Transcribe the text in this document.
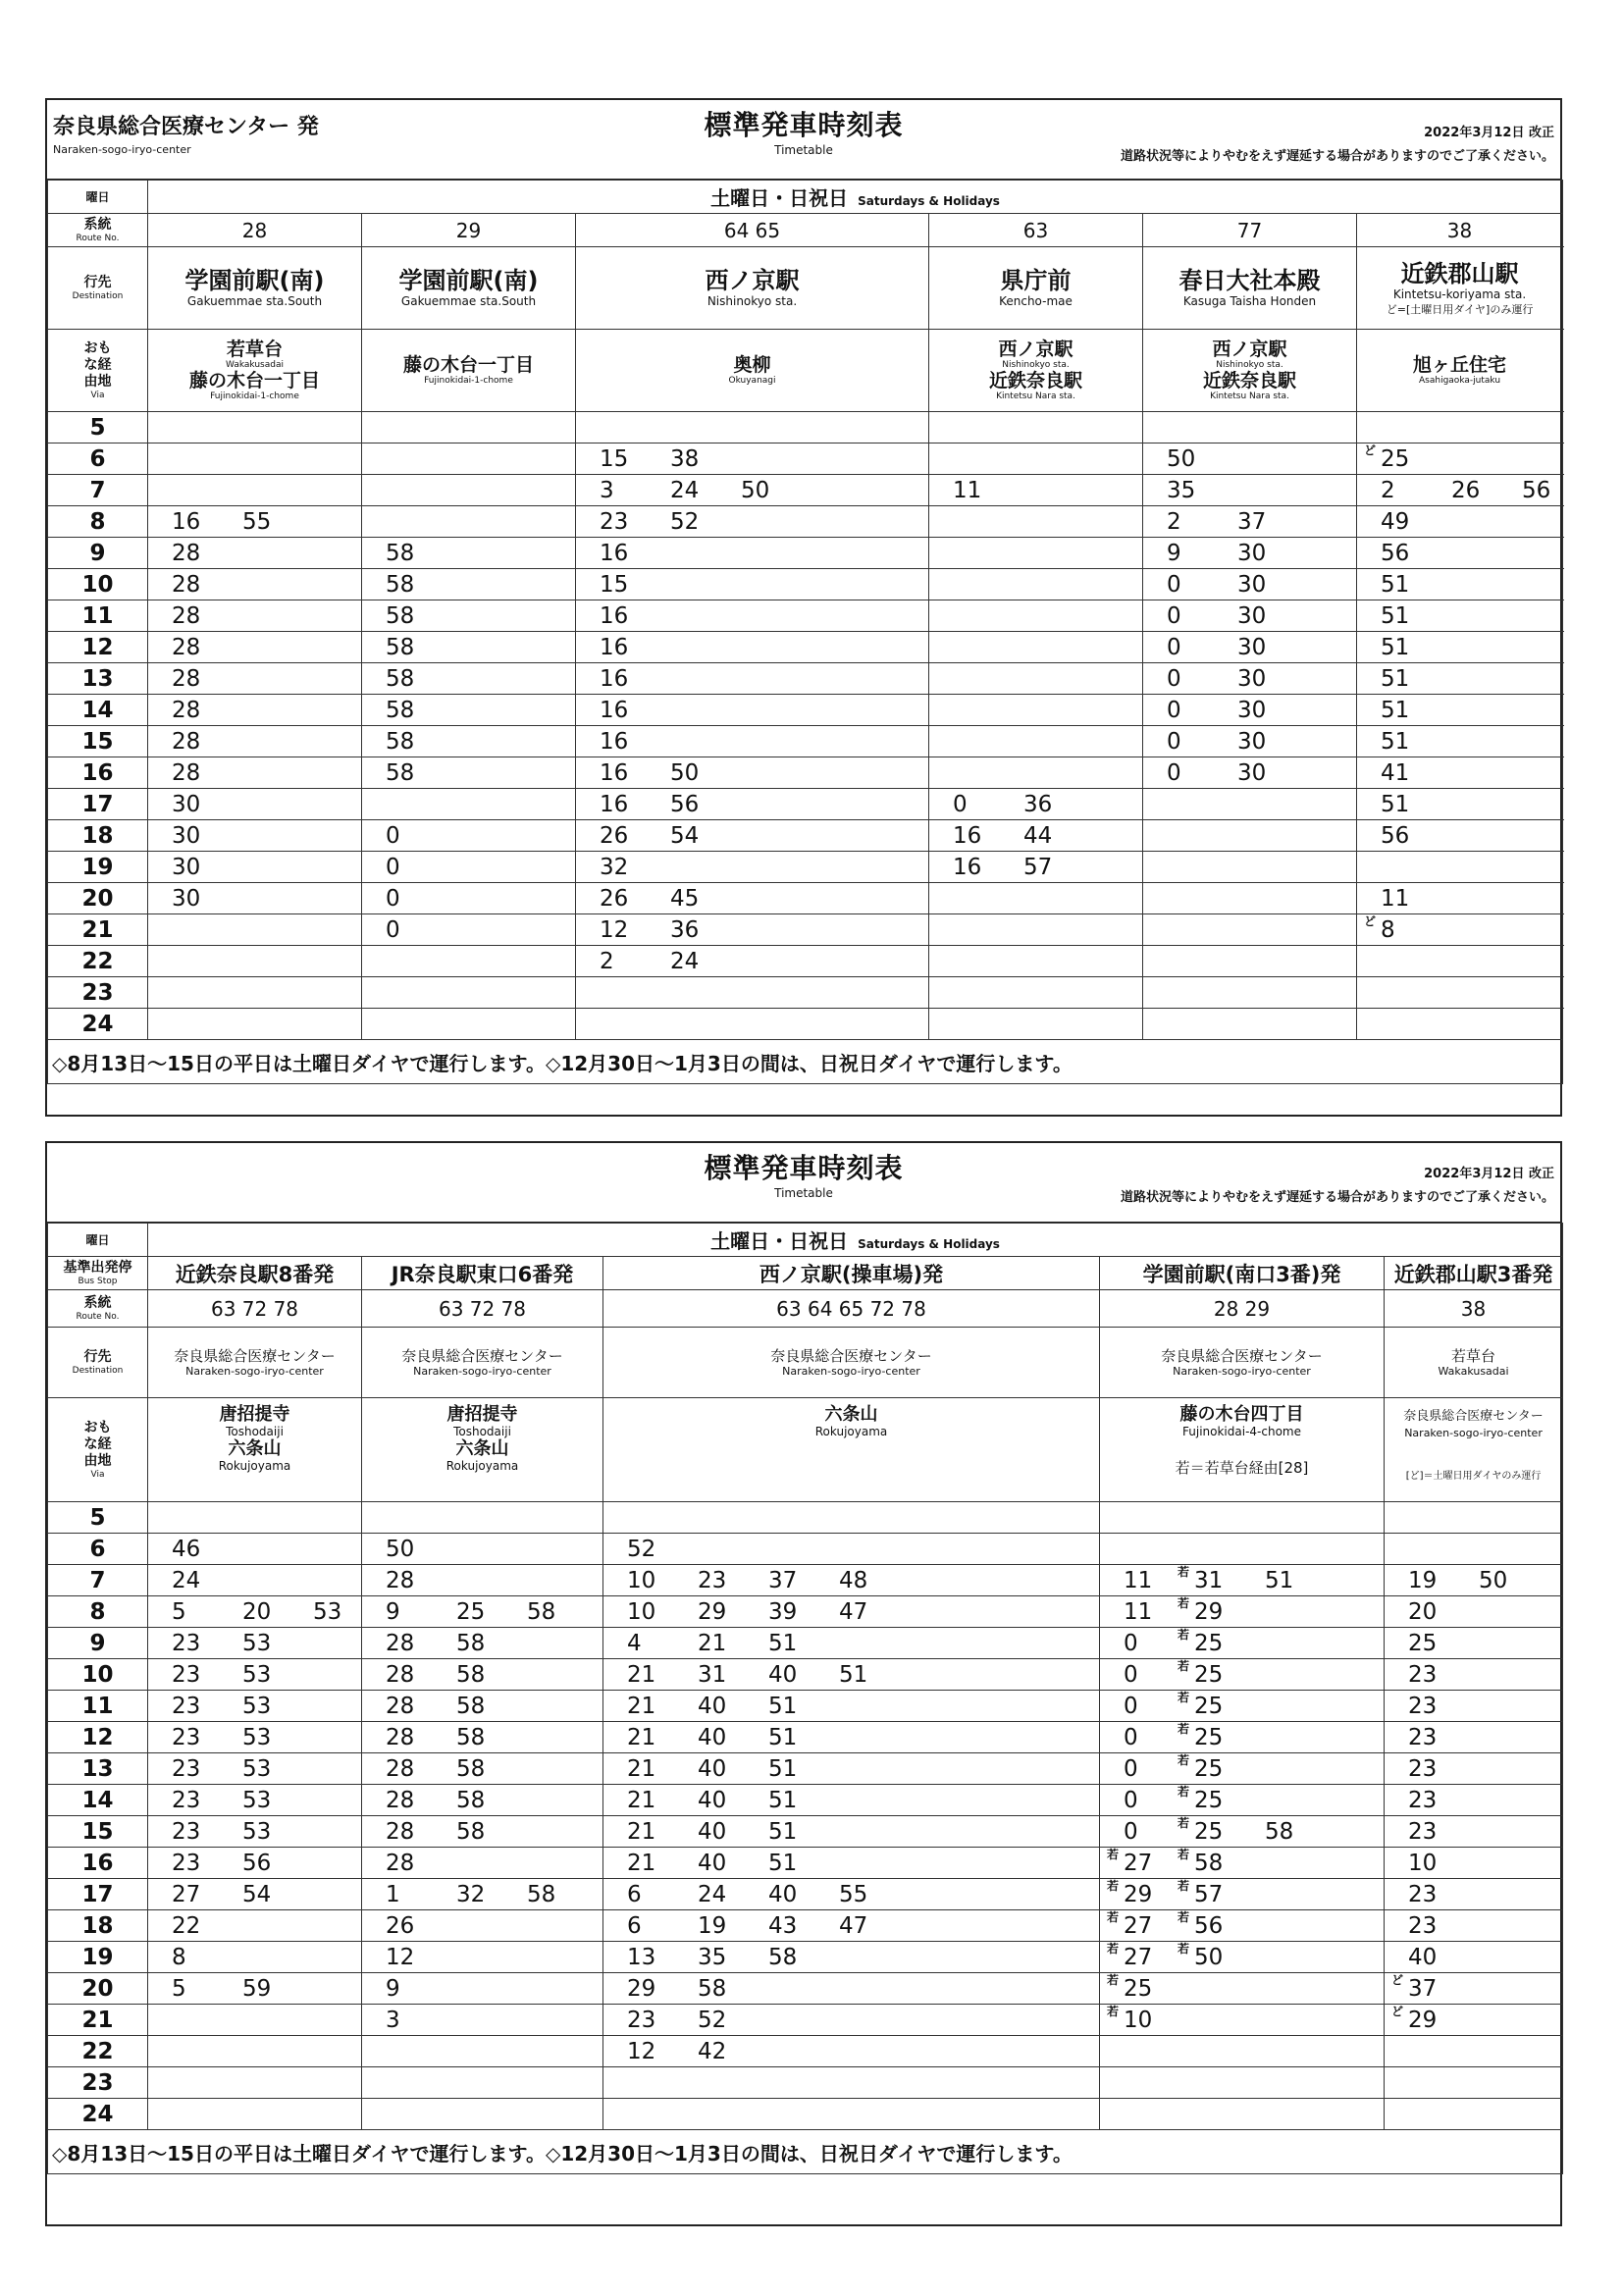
奈良県総合医療センター 発
Naraken-sogo-iryo-center
標準発車時刻表
Timetable
2022年3月12日 改正
道路状況等によりやむをえず遅延する場合がありますのでご了承ください。
曜日	土曜日・日祝日 Saturdays & Holidays					
系統
Route No.	28	29	64 65	63	77	38
行先
Destination	学園前駅(南)
Gakuemmae sta.South	学園前駅(南)
Gakuemmae sta.South	西ノ京駅
Nishinokyo sta.	県庁前
Kencho-mae	春日大社本殿
Kasuga Taisha Honden	近鉄郡山駅
Kintetsu-koriyama sta.
ど=[土曜日用ダイヤ]のみ運行

おもな経由地
Via	若草台
Wakakusadai
藤の木台一丁目
Fujinokidai-1-chome	藤の木台一丁目
Fujinokidai-1-chome	奥柳
Okuyanagi	西ノ京駅
Nishinokyo sta.
近鉄奈良駅
Kintetsu Nara sta.	西ノ京駅
Nishinokyo sta.
近鉄奈良駅
Kintetsu Nara sta.	旭ヶ丘住宅
Asahigaoka-jutaku

5						
6			15 38		50	ど 25
7			3 24 50	11	35	2 26 56
8	16 55		23 52		2 37	49
9	28	58	16		9 30	56
10	28	58	15		0 30	51
11	28	58	16		0 30	51
12	28	58	16		0 30	51
13	28	58	16		0 30	51
14	28	58	16		0 30	51
15	28	58	16		0 30	51
16	28	58	16 50		0 30	41
17	30		16 56	0 36		51
18	30	0	26 54	16 44		56
19	30	0	32	16 57		
20	30	0	26 45			11
21		0	12 36			ど 8
22			2 24			
23						
24						
◇8月13日～15日の平日は土曜日ダイヤで運行します。◇12月30日～1月3日の間は、日祝日ダイヤで運行します。						
標準発車時刻表
Timetable
2022年3月12日 改正
道路状況等によりやむをえず遅延する場合がありますのでご了承ください。
曜日	土曜日・日祝日 Saturdays & Holidays				
基準出発停
Bus Stop	近鉄奈良駅8番発	JR奈良駅東口6番発	西ノ京駅(操車場)発	学園前駅(南口3番)発	近鉄郡山駅3番発
系統
Route No.	63 72 78	63 72 78	63 64 65 72 78	28 29	38
行先
Destination	奈良県総合医療センター
Naraken-sogo-iryo-center	奈良県総合医療センター
Naraken-sogo-iryo-center	奈良県総合医療センター
Naraken-sogo-iryo-center	奈良県総合医療センター
Naraken-sogo-iryo-center	若草台
Wakakusadai

おもな経由地
Via	唐招提寺
Toshodaiji
六条山
Rokujoyama	唐招提寺
Toshodaiji
六条山
Rokujoyama	六条山
Rokujoyama	藤の木台四丁目
Fujinokidai-4-chome
若＝若草台経由[28]	奈良県総合医療センター
Naraken-sogo-iryo-center
[ど]＝土曜日用ダイヤのみ運行

5					
6	46	50	52		
7	24	28	10 23 37 48	11 若 31 51	19 50
8	5 20 53	9 25 58	10 29 39 47	11 若 29	20
9	23 53	28 58	4 21 51	0 若 25	25
10	23 53	28 58	21 31 40 51	0 若 25	23
11	23 53	28 58	21 40 51	0 若 25	23
12	23 53	28 58	21 40 51	0 若 25	23
13	23 53	28 58	21 40 51	0 若 25	23
14	23 53	28 58	21 40 51	0 若 25	23
15	23 53	28 58	21 40 51	0 若 25 58	23
16	23 56	28	21 40 51	若 27 若 58	10
17	27 54	1 32 58	6 24 40 55	若 29 若 57	23
18	22	26	6 19 43 47	若 27 若 56	23
19	8	12	13 35 58	若 27 若 50	40
20	5 59	9	29 58	若 25	ど 37
21		3	23 52	若 10	ど 29
22			12 42		
23					
24					
◇8月13日～15日の平日は土曜日ダイヤで運行します。◇12月30日～1月3日の間は、日祝日ダイヤで運行します。					
